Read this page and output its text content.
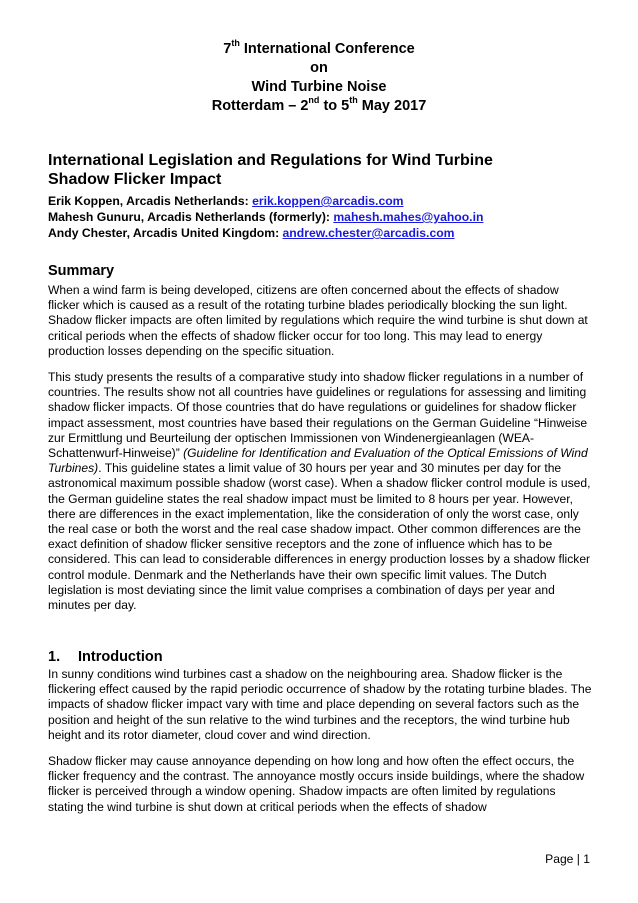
7th International Conference
on
Wind Turbine Noise
Rotterdam – 2nd to 5th May 2017
International Legislation and Regulations for Wind Turbine
Shadow Flicker Impact
Erik Koppen, Arcadis Netherlands: erik.koppen@arcadis.com
Mahesh Gunuru, Arcadis Netherlands (formerly): mahesh.mahes@yahoo.in
Andy Chester, Arcadis United Kingdom: andrew.chester@arcadis.com
Summary
When a wind farm is being developed, citizens are often concerned about the effects of shadow flicker which is caused as a result of the rotating turbine blades periodically blocking the sun light. Shadow flicker impacts are often limited by regulations which require the wind turbine is shut down at critical periods when the effects of shadow flicker occur for too long. This may lead to energy production losses depending on the specific situation.
This study presents the results of a comparative study into shadow flicker regulations in a number of countries. The results show not all countries have guidelines or regulations for assessing and limiting shadow flicker impacts. Of those countries that do have regulations or guidelines for shadow flicker impact assessment, most countries have based their regulations on the German Guideline “Hinweise zur Ermittlung und Beurteilung der optischen Immissionen von Windenergieanlagen (WEA-Schattenwurf-Hinweise)” (Guideline for Identification and Evaluation of the Optical Emissions of Wind Turbines). This guideline states a limit value of 30 hours per year and 30 minutes per day for the astronomical maximum possible shadow (worst case). When a shadow flicker control module is used, the German guideline states the real shadow impact must be limited to 8 hours per year. However, there are differences in the exact implementation, like the consideration of only the worst case, only the real case or both the worst and the real case shadow impact. Other common differences are the exact definition of shadow flicker sensitive receptors and the zone of influence which has to be considered. This can lead to considerable differences in energy production losses by a shadow flicker control module. Denmark and the Netherlands have their own specific limit values. The Dutch legislation is most deviating since the limit value comprises a combination of days per year and minutes per day.
1. Introduction
In sunny conditions wind turbines cast a shadow on the neighbouring area. Shadow flicker is the flickering effect caused by the rapid periodic occurrence of shadow by the rotating turbine blades. The impacts of shadow flicker impact vary with time and place depending on several factors such as the position and height of the sun relative to the wind turbines and the receptors, the wind turbine hub height and its rotor diameter, cloud cover and wind direction.
Shadow flicker may cause annoyance depending on how long and how often the effect occurs, the flicker frequency and the contrast. The annoyance mostly occurs inside buildings, where the shadow flicker is perceived through a window opening. Shadow impacts are often limited by regulations stating the wind turbine is shut down at critical periods when the effects of shadow
Page | 1
